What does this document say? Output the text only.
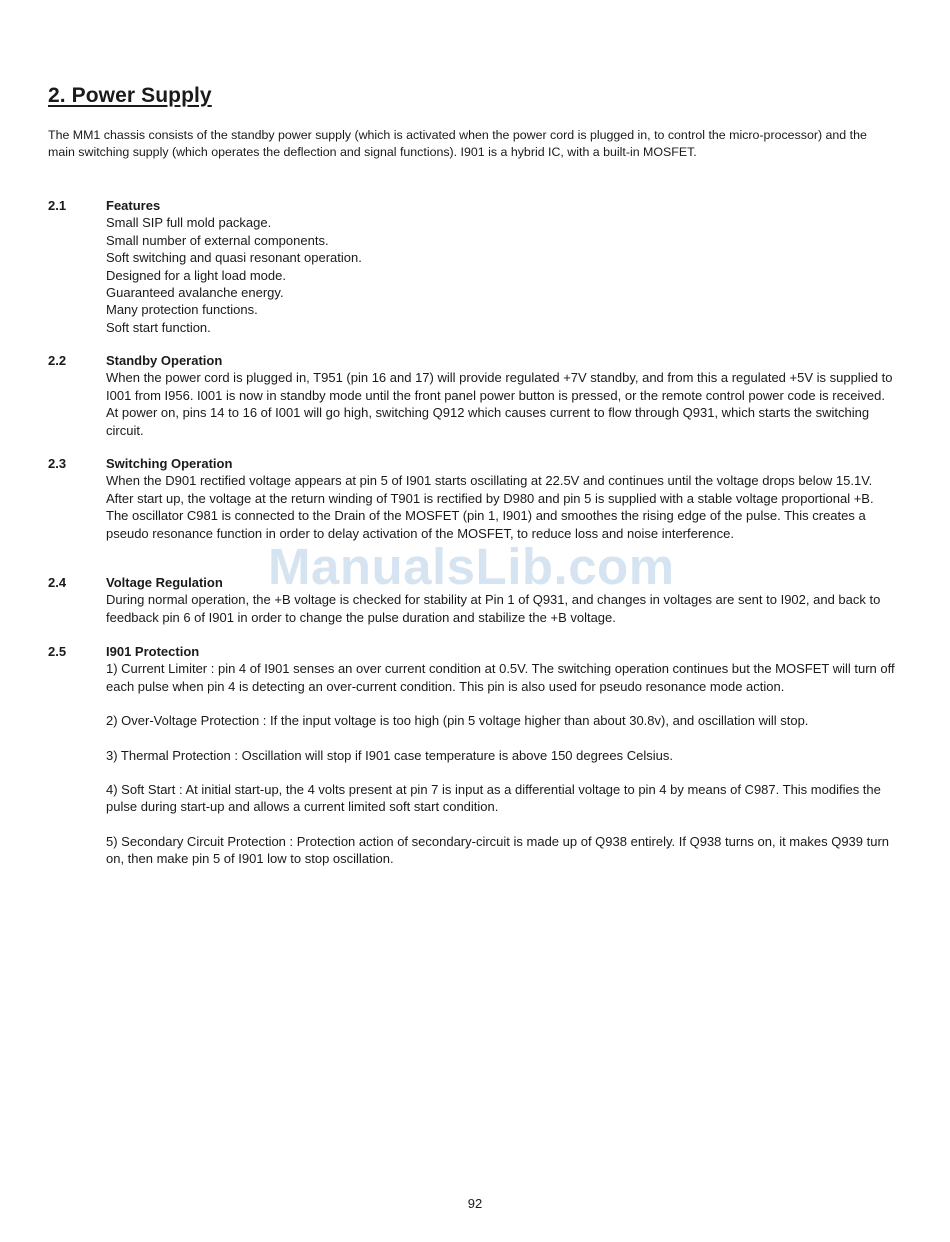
2. Power Supply

The MM1 chassis consists of the standby power supply (which is activated when the power cord is plugged in, to control the micro-processor) and the main switching supply (which operates the deflection and signal functions). I901 is a hybrid IC, with a built-in MOSFET.

2.1	Features

Small SIP full mold package.
Small number of external components.
Soft switching and quasi resonant operation.
Designed for a light load mode.
Guaranteed avalanche energy.
Many protection functions.
Soft start function.
2.2	Standby Operation

When the power cord is plugged in, T951 (pin 16 and 17) will provide regulated +7V standby, and from this a regulated +5V is supplied to I001 from I956. I001 is now in standby mode until the front panel power button is pressed, or the remote control power code is received. At power on, pins 14 to 16 of I001 will go high, switching Q912 which causes current to flow through Q931, which starts the switching circuit.

2.3	Switching Operation

When the D901 rectified voltage appears at pin 5 of I901 starts oscillating at 22.5V and continues until the voltage drops below 15.1V. After start up, the voltage at the return winding of T901 is rectified by D980 and pin 5 is supplied with a stable voltage proportional +B. The oscillator C981 is connected to the Drain of the MOSFET (pin 1, I901) and smoothes the rising edge of the pulse. This creates a pseudo resonance function in order to delay activation of the MOSFET, to reduce loss and noise interference.

ManualsLib.com
2.4	Voltage Regulation

During normal operation, the +B voltage is checked for stability at Pin 1 of Q931, and changes in voltages are sent to I902, and back to feedback pin 6 of I901 in order to change the pulse duration and stabilize the +B voltage.

2.5	I901 Protection

1) Current Limiter : pin 4 of I901 senses an over current condition at 0.5V. The switching operation continues but the MOSFET will turn off each pulse when pin 4 is detecting an over-current condition. This pin is also used for pseudo resonance mode action.

2) Over-Voltage Protection : If the input voltage is too high (pin 5 voltage higher than about 30.8v), and oscillation will stop.

3) Thermal Protection : Oscillation will stop if I901 case temperature is above 150 degrees Celsius.

4) Soft Start : At initial start-up, the 4 volts present at pin 7 is input as a differential voltage to pin 4 by means of C987. This modifies the pulse during start-up and allows a current limited soft start condition.

5) Secondary Circuit Protection : Protection action of secondary-circuit is made up of Q938 entirely. If Q938 turns on, it makes Q939 turn on, then make pin 5 of I901 low to stop oscillation.

92
